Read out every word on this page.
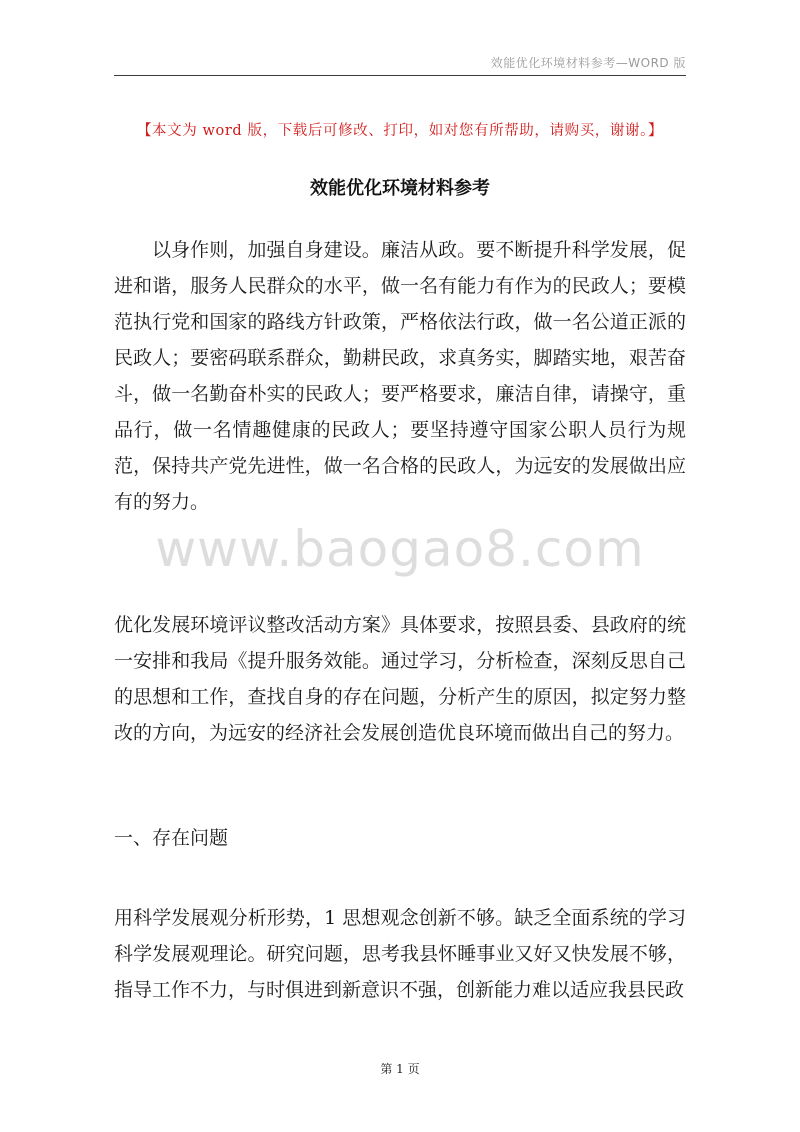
效能优化环境材料参考—WORD 版
【本文为 word 版，下载后可修改、打印，如对您有所帮助，请购买，谢谢。】
效能优化环境材料参考
以身作则，加强自身建设。廉洁从政。要不断提升科学发展，促进和谐，服务人民群众的水平，做一名有能力有作为的民政人；要模范执行党和国家的路线方针政策，严格依法行政，做一名公道正派的民政人；要密码联系群众，勤耕民政，求真务实，脚踏实地，艰苦奋斗，做一名勤奋朴实的民政人；要严格要求，廉洁自律，请操守，重品行，做一名情趣健康的民政人；要坚持遵守国家公职人员行为规范，保持共产党先进性，做一名合格的民政人，为远安的发展做出应有的努力。
www.baogao8.com
优化发展环境评议整改活动方案》具体要求，按照县委、县政府的统一安排和我局《提升服务效能。通过学习，分析检查，深刻反思自己的思想和工作，查找自身的存在问题，分析产生的原因，拟定努力整改的方向，为远安的经济社会发展创造优良环境而做出自己的努力。
一、存在问题
用科学发展观分析形势，1 思想观念创新不够。缺乏全面系统的学习科学发展观理论。研究问题，思考我县怀睡事业又好又快发展不够，指导工作不力，与时俱进到新意识不强，创新能力难以适应我县民政
第 1 页
